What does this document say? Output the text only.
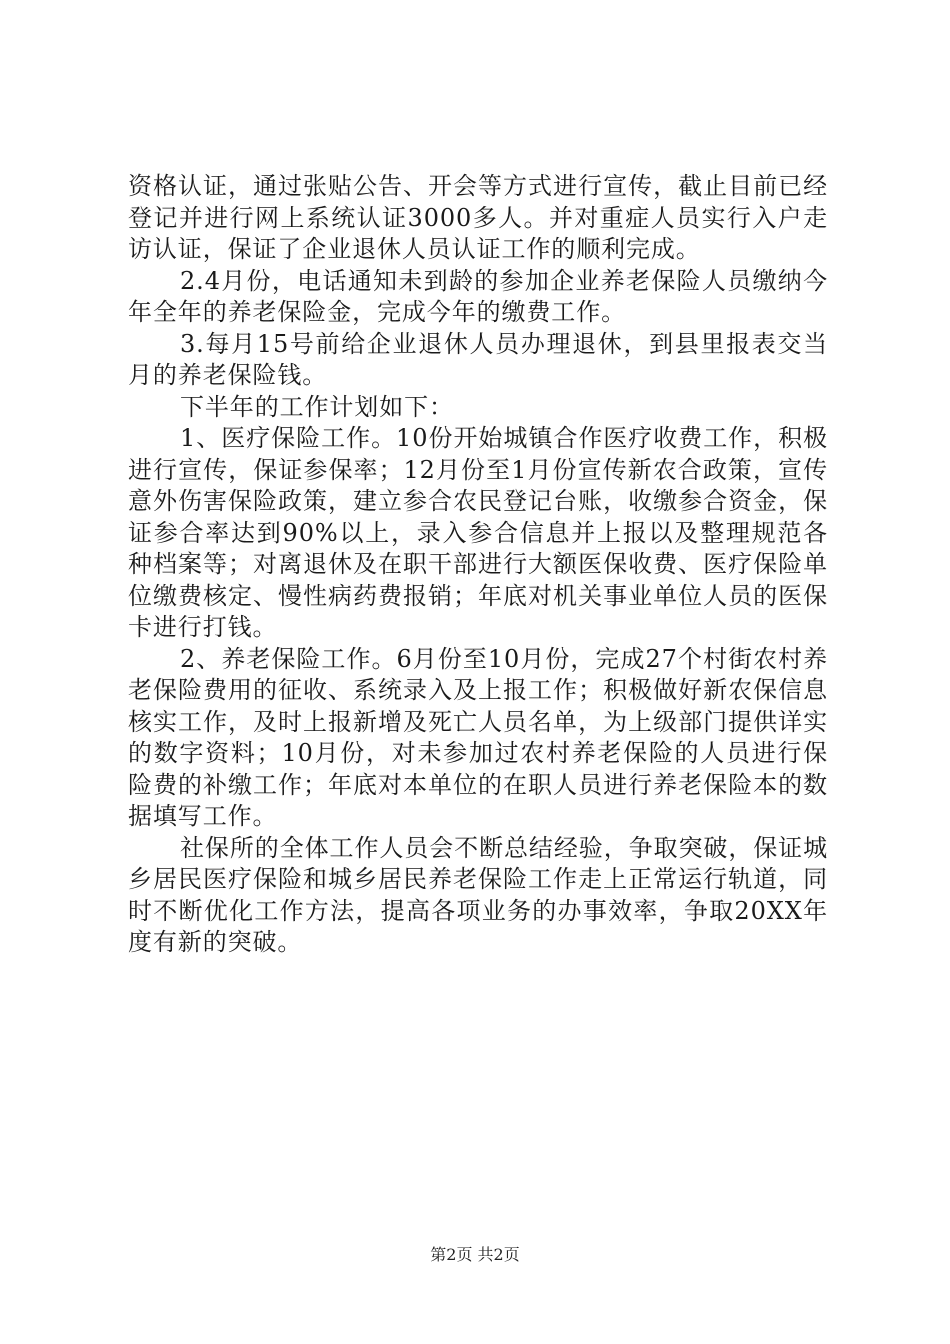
资格认证，通过张贴公告、开会等方式进行宣传，截止目前已经登记并进行网上系统认证3000多人。并对重症人员实行入户走访认证，保证了企业退休人员认证工作的顺利完成。

2.4月份，电话通知未到龄的参加企业养老保险人员缴纳今年全年的养老保险金，完成今年的缴费工作。

3.每月15号前给企业退休人员办理退休，到县里报表交当月的养老保险钱。

下半年的工作计划如下：

1、医疗保险工作。10份开始城镇合作医疗收费工作，积极进行宣传，保证参保率；12月份至1月份宣传新农合政策，宣传意外伤害保险政策，建立参合农民登记台账，收缴参合资金，保证参合率达到90%以上，录入参合信息并上报以及整理规范各种档案等；对离退休及在职干部进行大额医保收费、医疗保险单位缴费核定、慢性病药费报销；年底对机关事业单位人员的医保卡进行打钱。

2、养老保险工作。6月份至10月份，完成27个村街农村养老保险费用的征收、系统录入及上报工作；积极做好新农保信息核实工作，及时上报新增及死亡人员名单，为上级部门提供详实的数字资料；10月份，对未参加过农村养老保险的人员进行保险费的补缴工作；年底对本单位的在职人员进行养老保险本的数据填写工作。

社保所的全体工作人员会不断总结经验，争取突破，保证城乡居民医疗保险和城乡居民养老保险工作走上正常运行轨道，同时不断优化工作方法，提高各项业务的办事效率，争取20XX年度有新的突破。

第2页 共2页
